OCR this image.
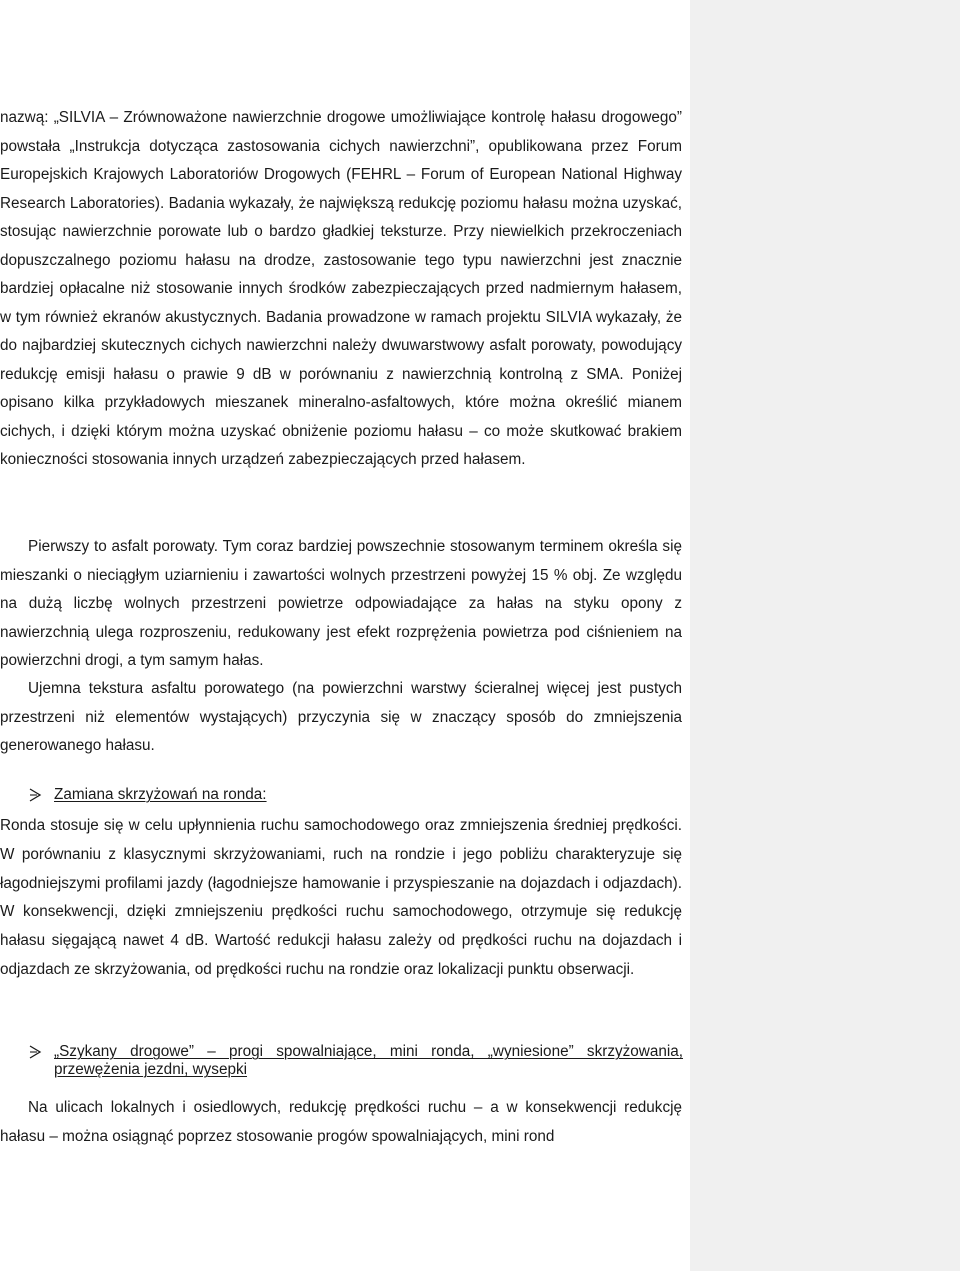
nazwą: „SILVIA – Zrównoważone nawierzchnie drogowe umożliwiające kontrolę hałasu drogowego” powstała „Instrukcja dotycząca zastosowania cichych nawierzchni”, opublikowana przez Forum Europejskich Krajowych Laboratoriów Drogowych (FEHRL – Forum of European National Highway Research Laboratories). Badania wykazały, że największą redukcję poziomu hałasu można uzyskać, stosując nawierzchnie porowate lub o bardzo gładkiej teksturze. Przy niewielkich przekroczeniach dopuszczalnego poziomu hałasu na drodze, zastosowanie tego typu nawierzchni jest znacznie bardziej opłacalne niż stosowanie innych środków zabezpieczających przed nadmiernym hałasem, w tym również ekranów akustycznych. Badania prowadzone w ramach projektu SILVIA wykazały, że do najbardziej skutecznych cichych nawierzchni należy dwuwarstwowy asfalt porowaty, powodujący redukcję emisji hałasu o prawie 9 dB w porównaniu z nawierzchnią kontrolną z SMA. Poniżej opisano kilka przykładowych mieszanek mineralno-asfaltowych, które można określić mianem cichych, i dzięki którym można uzyskać obniżenie poziomu hałasu – co może skutkować brakiem konieczności stosowania innych urządzeń zabezpieczających przed hałasem.

Pierwszy to asfalt porowaty. Tym coraz bardziej powszechnie stosowanym terminem określa się mieszanki o nieciągłym uziarnieniu i zawartości wolnych przestrzeni powyżej 15 % obj. Ze względu na dużą liczbę wolnych przestrzeni powietrze odpowiadające za hałas na styku opony z nawierzchnią ulega rozproszeniu, redukowany jest efekt rozprężenia powietrza pod ciśnieniem na powierzchni drogi, a tym samym hałas.

Ujemna tekstura asfaltu porowatego (na powierzchni warstwy ścieralnej więcej jest pustych przestrzeni niż elementów wystających) przyczynia się w znaczący sposób do zmniejszenia generowanego hałasu.

Zamiana skrzyżowań na ronda:

Ronda stosuje się w celu upłynnienia ruchu samochodowego oraz zmniejszenia średniej prędkości. W porównaniu z klasycznymi skrzyżowaniami, ruch na rondzie i jego pobliżu charakteryzuje się łagodniejszymi profilami jazdy (łagodniejsze hamowanie i przyspieszanie na dojazdach i odjazdach). W konsekwencji, dzięki zmniejszeniu prędkości ruchu samochodowego, otrzymuje się redukcję hałasu sięgającą nawet 4 dB. Wartość redukcji hałasu zależy od prędkości ruchu na dojazdach i odjazdach ze skrzyżowania, od prędkości ruchu na rondzie oraz lokalizacji punktu obserwacji.

„Szykany drogowe” – progi spowalniające, mini ronda, „wyniesione” skrzyżowania, przewężenia jezdni, wysepki

Na ulicach lokalnych i osiedlowych, redukcję prędkości ruchu – a w konsekwencji redukcję hałasu – można osiągnąć poprzez stosowanie progów spowalniających, mini rond
